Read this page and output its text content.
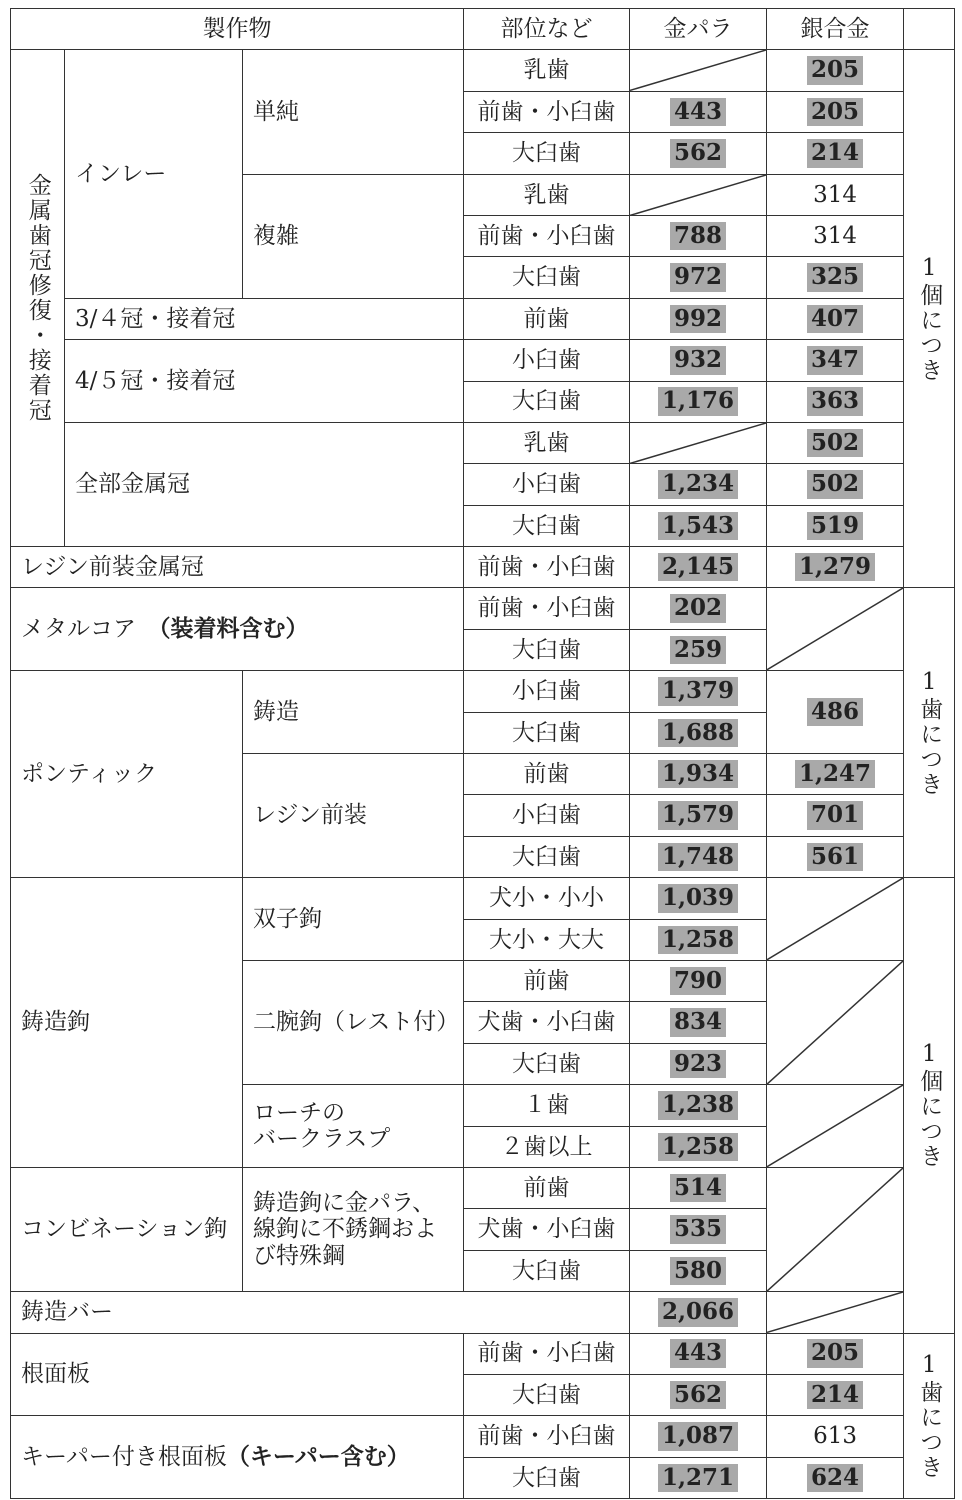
製作物			部位など	金パラ	銀合金	

金属歯冠修復・接着冠	インレー	単純	乳歯		205	1個につき

			前歯・小臼歯	443	205	
			大臼歯	562	214	
		複雑	乳歯		314	
			前歯・小臼歯	788	314	
			大臼歯	972	325	
	3/４冠・接着冠		前歯	992	407	
	4/５冠・接着冠		小臼歯	932	347	
			大臼歯	1,176	363	
	全部金属冠		乳歯		502	
			小臼歯	1,234	502	
			大臼歯	1,543	519	
レジン前装金属冠			前歯・小臼歯	2,145	1,279	
メタルコア　 （装着料含む）			前歯・小臼歯	202		1歯につき

			大臼歯	259		
ポンティック		鋳造	小臼歯	1,379	486	
			大臼歯	1,688		
		レジン前装	前歯	1,934	1,247	
			小臼歯	1,579	701	
			大臼歯	1,748	561	
鋳造鉤		双子鉤	犬小・小小	1,039		1個につき

			大小・大大	1,258		
		二腕鉤（レスト付）	前歯	790	

			犬歯・小臼歯	834		
			大臼歯	923		

		ローチの
バークラスプ	１歯	1,238	

			２歯以上	1,258		
コンビネーション鉤		鋳造鉤に金パラ、
線鉤に不銹鋼およ
び特殊鋼	前歯	514	

			犬歯・小臼歯	535		
			大臼歯	580		
鋳造バー				2,066	

根面板			前歯・小臼歯	443	205	1歯につき

			大臼歯	562	214	
キーパー付き根面板（キーパー含む）			前歯・小臼歯	1,087	613	
			大臼歯	1,271	624	
